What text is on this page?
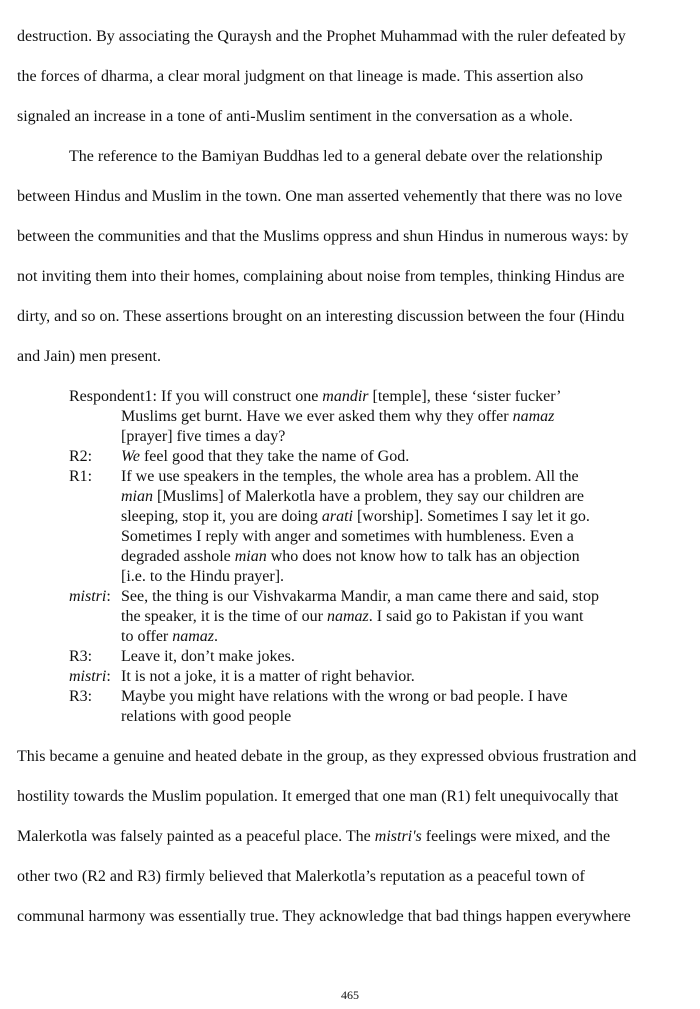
destruction. By associating the Quraysh and the Prophet Muhammad with the ruler defeated by
the forces of dharma, a clear moral judgment on that lineage is made. This assertion also
signaled an increase in a tone of anti-Muslim sentiment in the conversation as a whole.
The reference to the Bamiyan Buddhas led to a general debate over the relationship
between Hindus and Muslim in the town. One man asserted vehemently that there was no love
between the communities and that the Muslims oppress and shun Hindus in numerous ways: by
not inviting them into their homes, complaining about noise from temples, thinking Hindus are
dirty, and so on. These assertions brought on an interesting discussion between the four (Hindu
and Jain) men present.
Respondent1: If you will construct one mandir [temple], these ‘sister fucker’
Muslims get burnt. Have we ever asked them why they offer namaz
[prayer] five times a day?
R2: We feel good that they take the name of God.
R1: If we use speakers in the temples, the whole area has a problem. All the
mian [Muslims] of Malerkotla have a problem, they say our children are
sleeping, stop it, you are doing arati [worship]. Sometimes I say let it go.
Sometimes I reply with anger and sometimes with humbleness. Even a
degraded asshole mian who does not know how to talk has an objection
[i.e. to the Hindu prayer].
mistri: See, the thing is our Vishvakarma Mandir, a man came there and said, stop
the speaker, it is the time of our namaz. I said go to Pakistan if you want
to offer namaz.
R3: Leave it, don’t make jokes.
mistri: It is not a joke, it is a matter of right behavior.
R3: Maybe you might have relations with the wrong or bad people. I have
relations with good people
This became a genuine and heated debate in the group, as they expressed obvious frustration and
hostility towards the Muslim population. It emerged that one man (R1) felt unequivocally that
Malerkotla was falsely painted as a peaceful place. The mistri's feelings were mixed, and the
other two (R2 and R3) firmly believed that Malerkotla’s reputation as a peaceful town of
communal harmony was essentially true. They acknowledge that bad things happen everywhere
465
